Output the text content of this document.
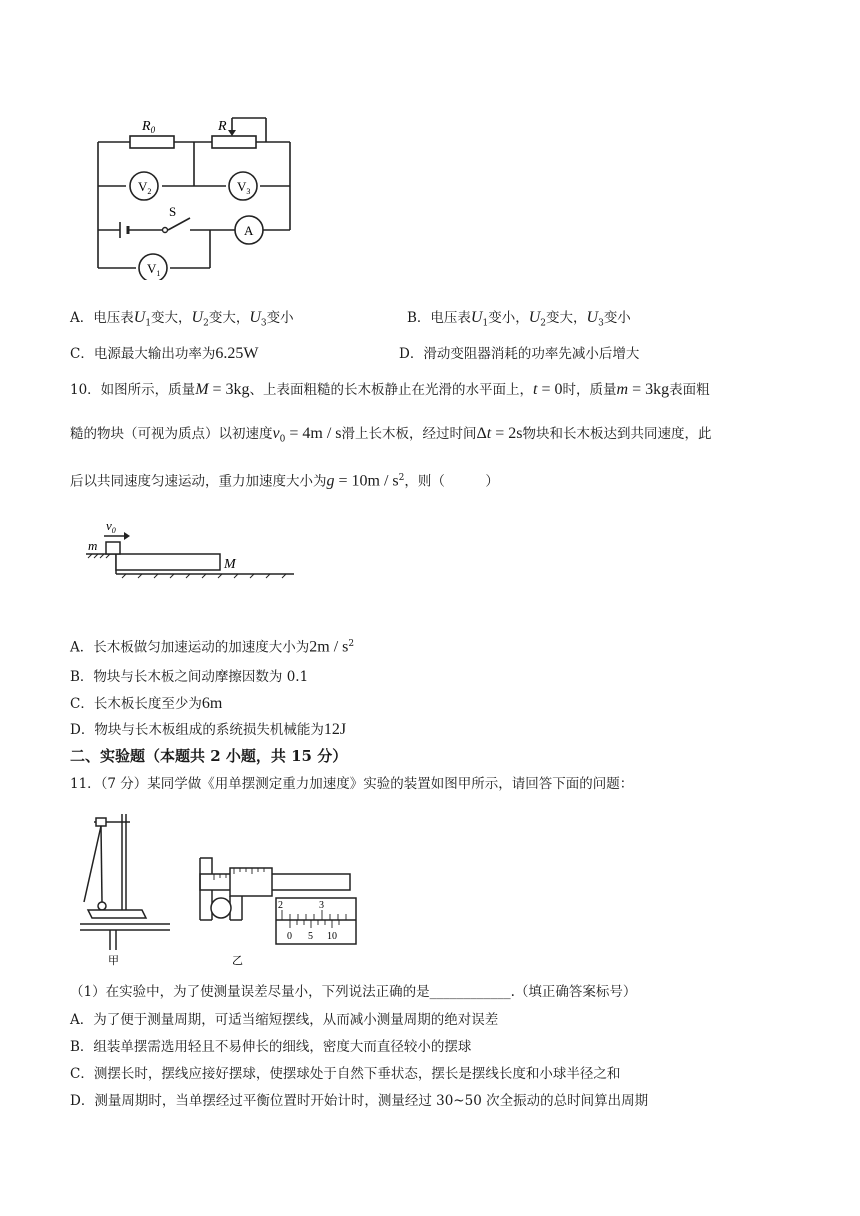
$R_0$	R
S
$V_2$	$V_3$
A
$V_1$
A．电压表$U_1$变大，$U_2$变大，$U_3$变小	B．电压表$U_1$变小，$U_2$变大，$U_3$变小
C．电源最大输出功率为6.25W	D．滑动变阻器消耗的功率先减小后增大
10．如图所示，质量M = 3kg、上表面粗糙的长木板静止在光滑的水平面上，t = 0时，质量m = 3kg表面粗
糙的物块（可视为质点）以初速度$v_0 = 4m / s$滑上长木板，经过时间Δt = 2s物块和长木板达到共同速度，此
后以共同速度匀速运动，重力加速度大小为$g = 10m / s^2$，则（　　　）
$v_0$
m
M
A．长木板做匀加速运动的加速度大小为$2m / s^2$
B．物块与长木板之间动摩擦因数为 0.1
C．长木板长度至少为6m
D．物块与长木板组成的系统损失机械能为12J
二、实验题（本题共 2 小题，共 15 分）
11．（7 分）某同学做《用单摆测定重力加速度》实验的装置如图甲所示，请回答下面的问题：
甲
2	3
0 5 10
乙
（1）在实验中，为了使测量误差尽量小，下列说法正确的是____________.（填正确答案标号）
A．为了便于测量周期，可适当缩短摆线，从而减小测量周期的绝对误差
B．组装单摆需选用轻且不易伸长的细线，密度大而直径较小的摆球
C．测摆长时，摆线应接好摆球，使摆球处于自然下垂状态，摆长是摆线长度和小球半径之和
D．测量周期时，当单摆经过平衡位置时开始计时，测量经过 30~50 次全振动的总时间算出周期
